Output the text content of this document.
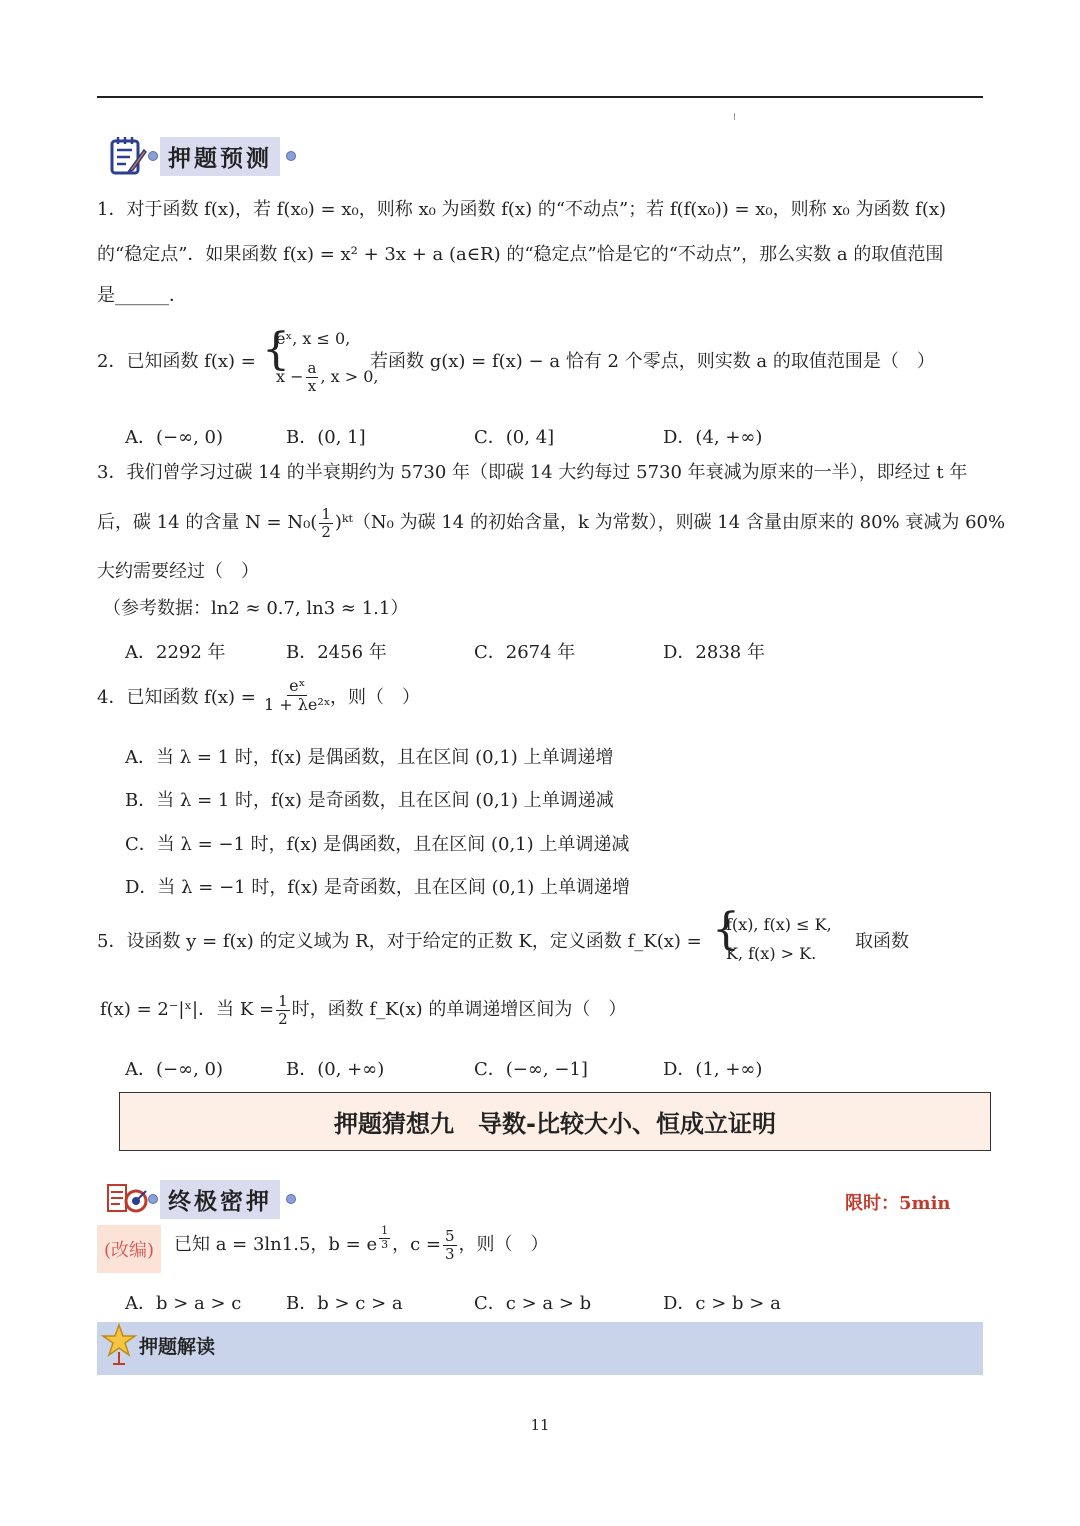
押题预测
1．对于函数 f(x)，若 f(x₀) = x₀，则称 x₀ 为函数 f(x) 的“不动点”；若 f(f(x₀)) = x₀，则称 x₀ 为函数 f(x)
的“稳定点”．如果函数 f(x) = x² + 3x + a (a∈R) 的“稳定点”恰是它的“不动点”，那么实数 a 的取值范围
是______．
2．已知函数 f(x) = {
eˣ, x ≤ 0,
$x - \frac{a}{x}$ , x > 0,
若函数 g(x) = f(x) − a 恰有 2 个零点，则实数 a 的取值范围是（　）
A．(−∞, 0)	B．(0, 1]	C．(0, 4]	D．(4, +∞)
3．我们曾学习过碳 14 的半衰期约为 5730 年（即碳 14 大约每过 5730 年衰减为原来的一半），即经过 t 年
后，碳 14 的含量 $N = N_0( \frac{1}{2}$ )ᵏᵗ（N₀ 为碳 14 的初始含量，k 为常数），则碳 14 含量由原来的 80% 衰减为 60%
大约需要经过（　）
（参考数据：ln2 ≈ 0.7, ln3 ≈ 1.1）
A．2292 年	B．2456 年	C．2674 年	D．2838 年
4．已知函数 $f(x) = \frac{\text{eˣ}}{\text{1 + λe²ˣ}}$ ，则（　）
A．当 λ = 1 时，f(x) 是偶函数，且在区间 (0,1) 上单调递增
B．当 λ = 1 时，f(x) 是奇函数，且在区间 (0,1) 上单调递减
C．当 λ = −1 时，f(x) 是偶函数，且在区间 (0,1) 上单调递减
D．当 λ = −1 时，f(x) 是奇函数，且在区间 (0,1) 上单调递增
5．设函数 y = f(x) 的定义域为 R，对于给定的正数 K，定义函数 f_K(x) = {
f(x), f(x) ≤ K,
K, f(x) > K.
取函数
f(x) = 2⁻|ˣ|．当 $K = \frac{1}{2}$ 时，函数 f_K(x) 的单调递增区间为（　）
A．(−∞, 0)	B．(0, +∞)	C．(−∞, −1]	D．(1, +∞)
押题猜想九　导数-比较大小、恒成立证明
终极密押	限时：5min
(改编)	已知 a = 3ln1.5，b = e $\frac{1}{3}$ ，$c = \frac{5}{3}$ ，则（　）
A．b > a > c B．b > c > a	C．c > a > b	D．c > b > a
押题解读
11
